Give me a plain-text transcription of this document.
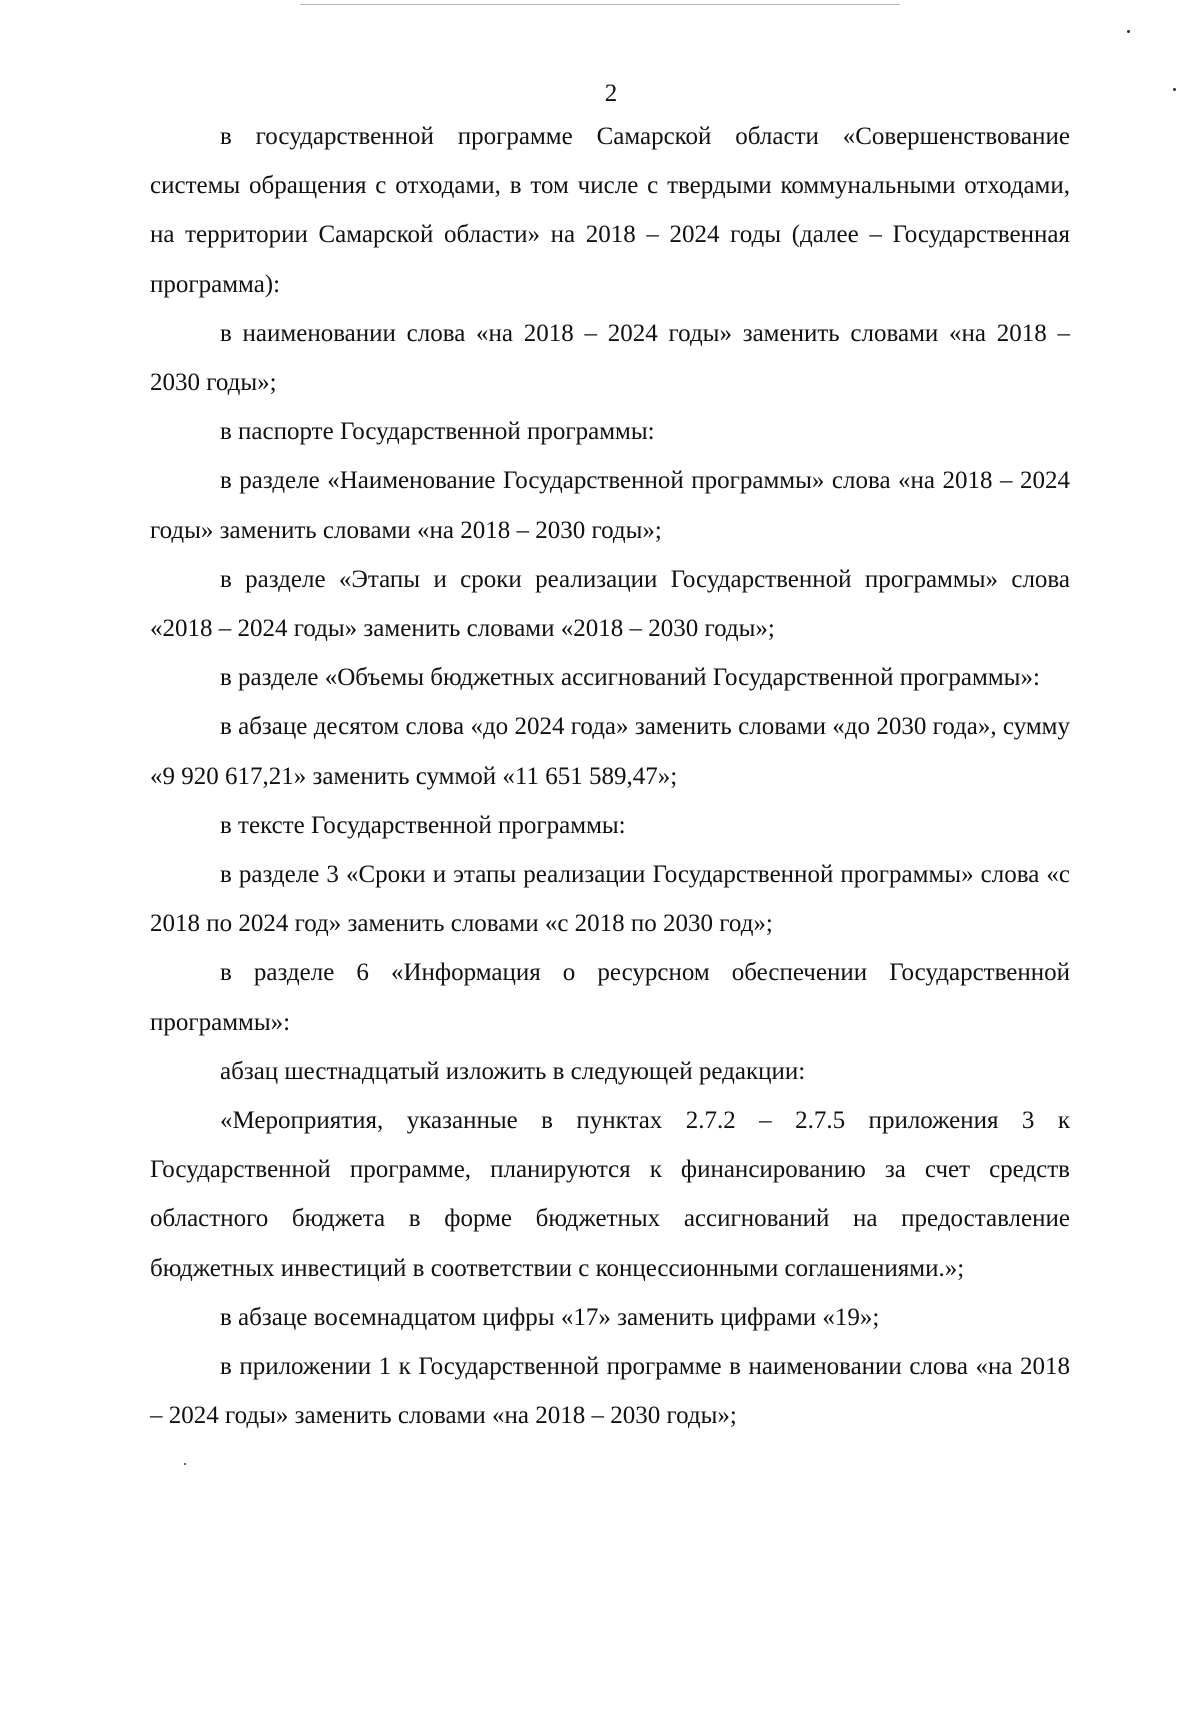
2

в государственной программе Самарской области «Совершенствование системы обращения с отходами, в том числе с твердыми коммунальными отходами, на территории Самарской области» на 2018 – 2024 годы (далее – Государственная программа):

в наименовании слова «на 2018 – 2024 годы» заменить словами «на 2018 – 2030 годы»;

в паспорте Государственной программы:

в разделе «Наименование Государственной программы» слова «на 2018 – 2024 годы» заменить словами «на 2018 – 2030 годы»;

в разделе «Этапы и сроки реализации Государственной программы» слова «2018 – 2024 годы» заменить словами «2018 – 2030 годы»;

в разделе «Объемы бюджетных ассигнований Государственной программы»:

в абзаце десятом слова «до 2024 года» заменить словами «до 2030 года», сумму «9 920 617,21» заменить суммой «11 651 589,47»;

в тексте Государственной программы:

в разделе 3 «Сроки и этапы реализации Государственной программы» слова «с 2018 по 2024 год» заменить словами «с 2018 по 2030 год»;

в разделе 6 «Информация о ресурсном обеспечении Государственной программы»:

абзац шестнадцатый изложить в следующей редакции:

«Мероприятия, указанные в пунктах 2.7.2 – 2.7.5 приложения 3 к Государственной программе, планируются к финансированию за счет средств областного бюджета в форме бюджетных ассигнований на предоставление бюджетных инвестиций в соответствии с концессионными соглашениями.»;

в абзаце восемнадцатом цифры «17» заменить цифрами «19»;

в приложении 1 к Государственной программе в наименовании слова «на 2018 – 2024 годы» заменить словами «на 2018 – 2030 годы»;
